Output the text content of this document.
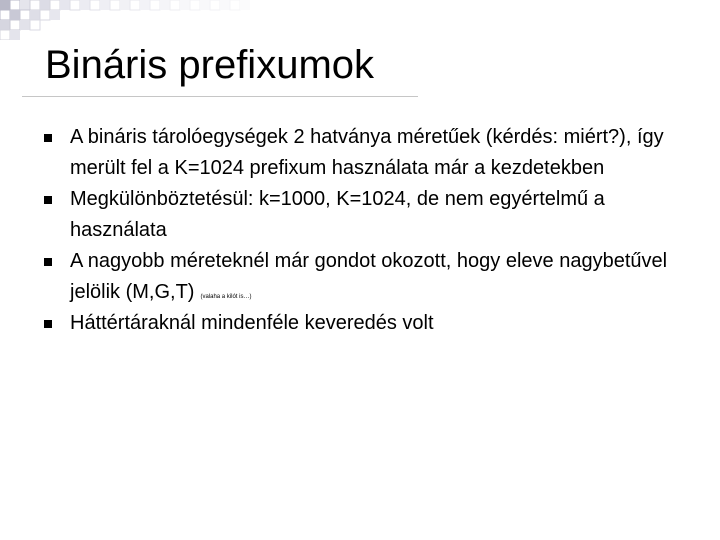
Bináris prefixumok
A bináris tárolóegységek 2 hatványa méretűek (kérdés: miért?), így merült fel a K=1024 prefixum használata már a kezdetekben
Megkülönböztetésül: k=1000, K=1024, de nem egyértelmű a használata
A nagyobb méreteknél már gondot okozott, hogy eleve nagybetűvel jelölik (M,G,T) (valaha a kilót is…)
Háttértáraknál mindenféle keveredés volt
